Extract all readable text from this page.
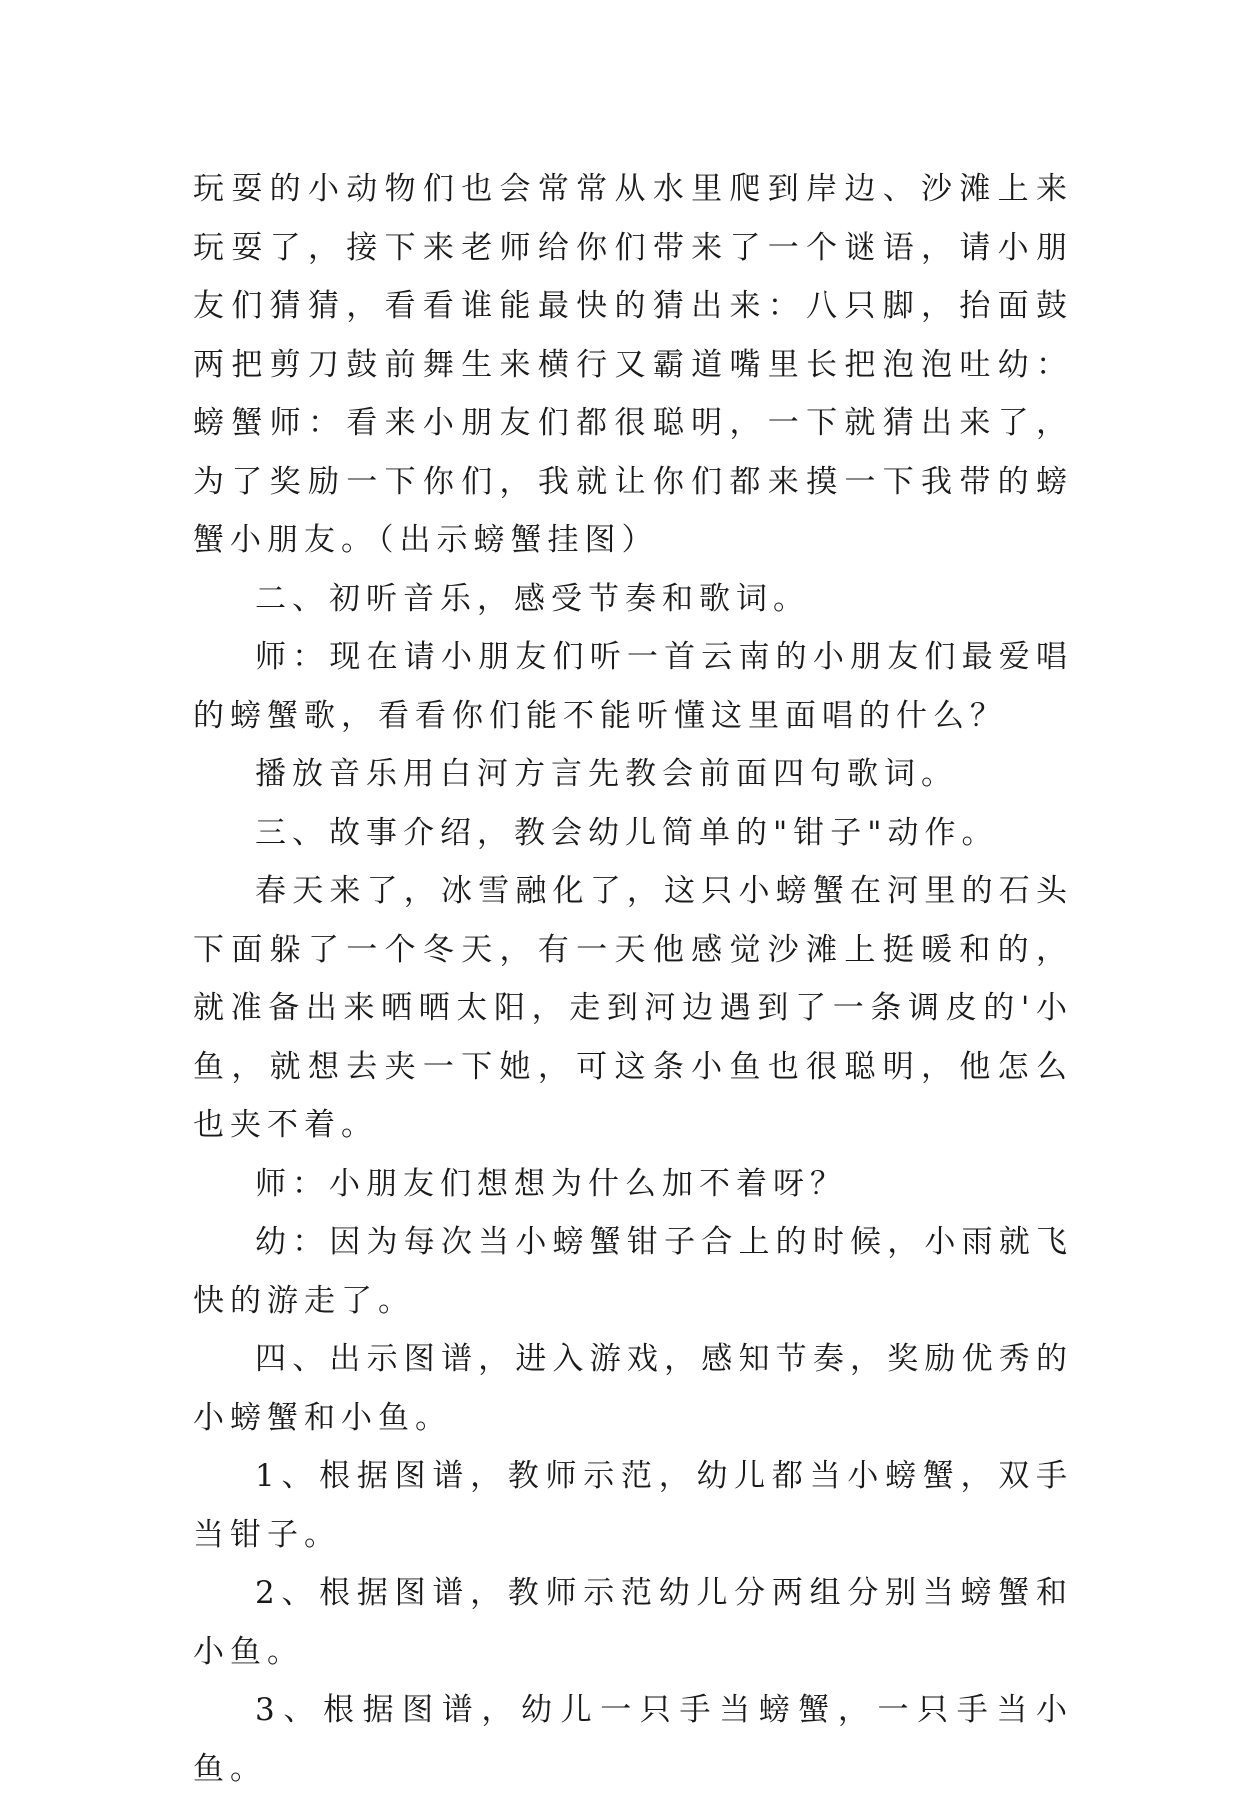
玩耍的小动物们也会常常从水里爬到岸边、沙滩上来玩耍了，接下来老师给你们带来了一个谜语，请小朋友们猜猜，看看谁能最快的猜出来：八只脚，抬面鼓两把剪刀鼓前舞生来横行又霸道嘴里长把泡泡吐幼：螃蟹师：看来小朋友们都很聪明，一下就猜出来了，为了奖励一下你们，我就让你们都来摸一下我带的螃蟹小朋友。（出示螃蟹挂图）

二、初听音乐，感受节奏和歌词。

师：现在请小朋友们听一首云南的小朋友们最爱唱的螃蟹歌，看看你们能不能听懂这里面唱的什么？

播放音乐用白河方言先教会前面四句歌词。

三、故事介绍，教会幼儿简单的"钳子"动作。

春天来了，冰雪融化了，这只小螃蟹在河里的石头下面躲了一个冬天，有一天他感觉沙滩上挺暖和的，就准备出来晒晒太阳，走到河边遇到了一条调皮的'小鱼，就想去夹一下她，可这条小鱼也很聪明，他怎么也夹不着。

师：小朋友们想想为什么加不着呀？

幼：因为每次当小螃蟹钳子合上的时候，小雨就飞快的游走了。

四、出示图谱，进入游戏，感知节奏，奖励优秀的小螃蟹和小鱼。

1、根据图谱，教师示范，幼儿都当小螃蟹，双手当钳子。

2、根据图谱，教师示范幼儿分两组分别当螃蟹和小鱼。

3、根据图谱，幼儿一只手当螃蟹，一只手当小鱼。
